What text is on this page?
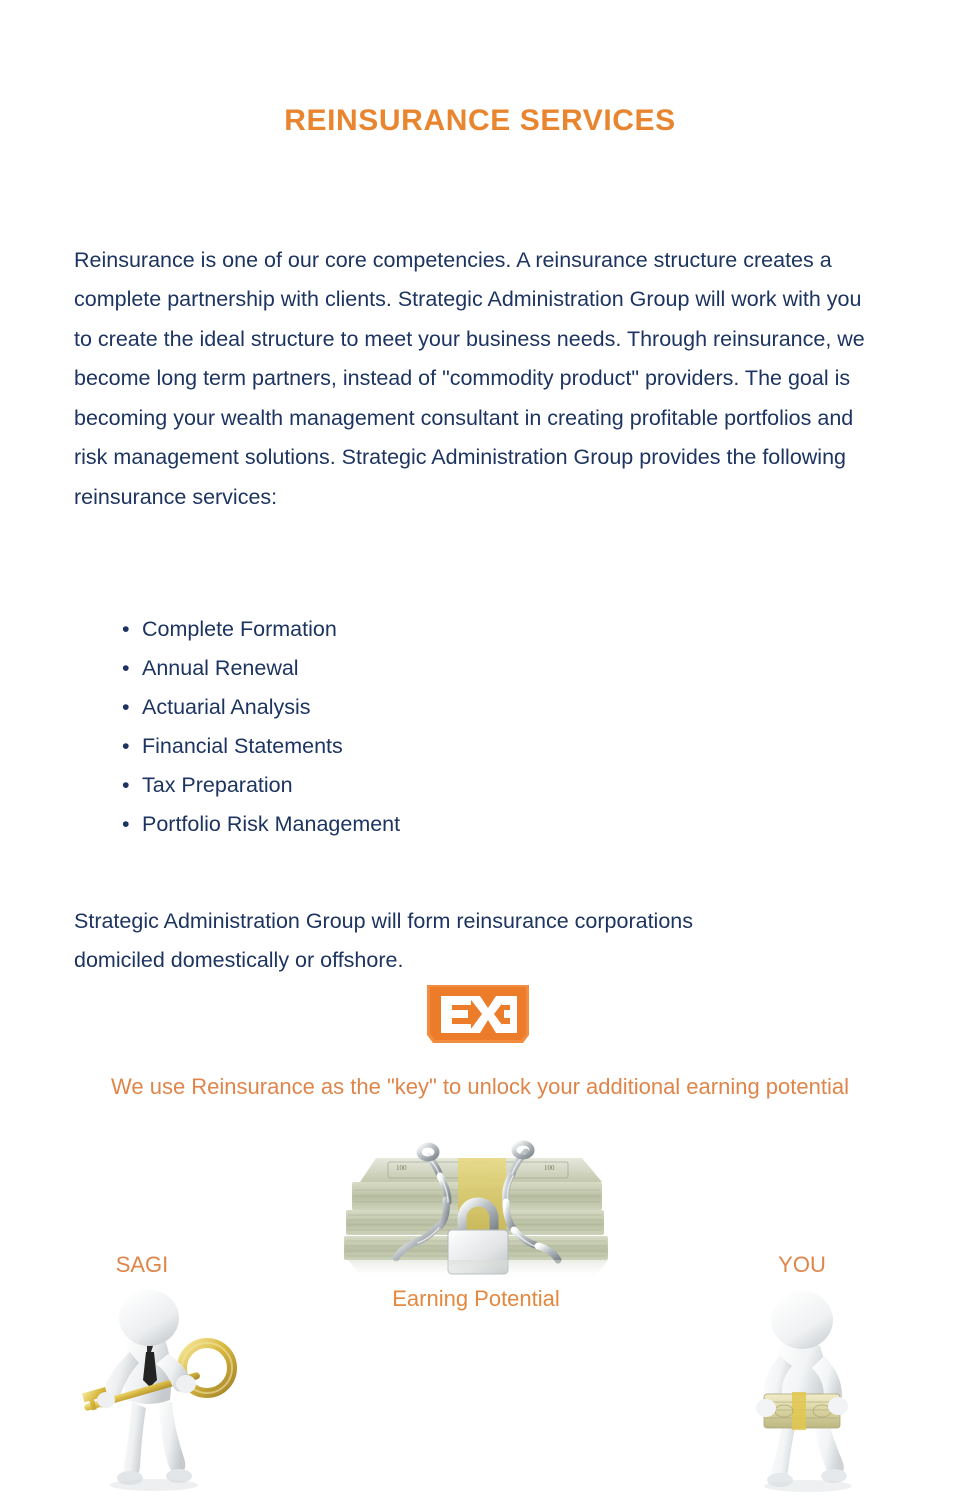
REINSURANCE SERVICES

Reinsurance is one of our core competencies. A reinsurance structure creates a complete partnership with clients. Strategic Administration Group will work with you to create the ideal structure to meet your business needs. Through reinsurance, we become long term partners, instead of "commodity product" providers. The goal is becoming your wealth management consultant in creating profitable portfolios and risk management solutions. Strategic Administration Group provides the following reinsurance services:

• Complete Formation
• Annual Renewal
• Actuarial Analysis
• Financial Statements
• Tax Preparation
• Portfolio Risk Management

Strategic Administration Group will form reinsurance corporations domiciled domestically or offshore.

We use Reinsurance as the "key" to unlock your additional earning potential
100	100
Earning Potential
SAGI	YOU
